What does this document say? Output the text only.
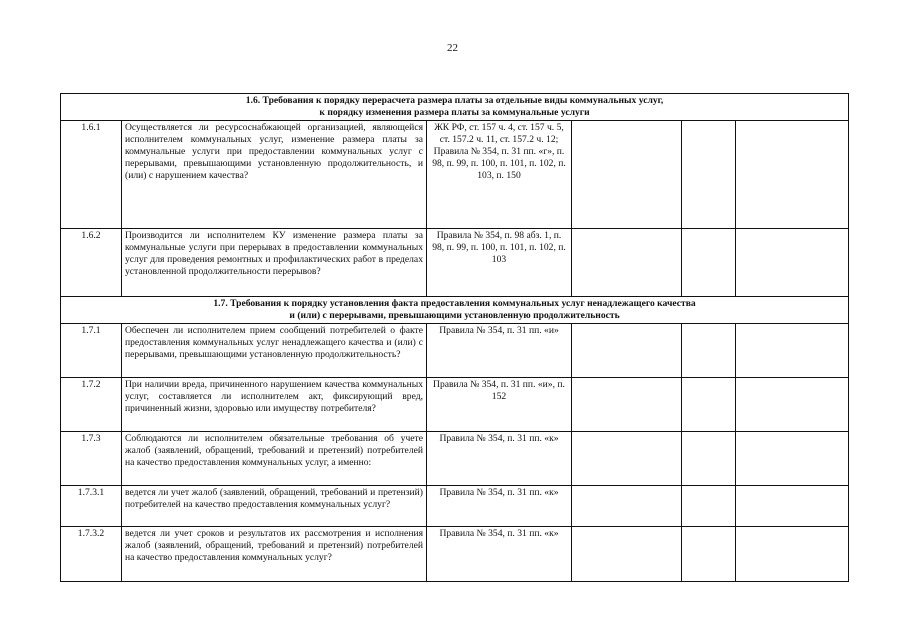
22
1.6. Требования к порядку перерасчета размера платы за отдельные виды коммунальных услуг,
к порядку изменения размера платы за коммунальные услуги					

1.6.1	Осуществляется ли ресурсоснабжающей организацией, являющейся исполнителем коммунальных услуг, изменение размера платы за коммунальные услуги при предоставлении коммунальных услуг с перерывами, превышающими установленную продолжительность, и (или) с нарушением качества?	ЖК РФ, ст. 157 ч. 4, ст. 157 ч. 5, ст. 157.2 ч. 11, ст. 157.2 ч. 12; Правила № 354, п. 31 пп. «г», п. 98, п. 99, п. 100, п. 101, п. 102, п. 103, п. 150			
1.6.2	Производится ли исполнителем КУ изменение размера платы за коммунальные услуги при перерывах в предоставлении коммунальных услуг для проведения ремонтных и профилактических работ в пределах установленной продолжительности перерывов?	Правила № 354, п. 98 абз. 1, п. 98, п. 99, п. 100, п. 101, п. 102, п. 103			

1.7. Требования к порядку установления факта предоставления коммунальных услуг ненадлежащего качества
и (или) с перерывами, превышающими установленную продолжительность					

1.7.1	Обеспечен ли исполнителем прием сообщений потребителей о факте предоставления коммунальных услуг ненадлежащего качества и (или) с перерывами, превышающими установленную продолжительность?	Правила № 354, п. 31 пп. «и»			
1.7.2	При наличии вреда, причиненного нарушением качества коммунальных услуг, составляется ли исполнителем акт, фиксирующий вред, причиненный жизни, здоровью или имуществу потребителя?	Правила № 354, п. 31 пп. «и», п. 152			
1.7.3	Соблюдаются ли исполнителем обязательные требования об учете жалоб (заявлений, обращений, требований и претензий) потребителей на качество предоставления коммунальных услуг, а именно:	Правила № 354, п. 31 пп. «к»			
1.7.3.1	ведется ли учет жалоб (заявлений, обращений, требований и претензий) потребителей на качество предоставления коммунальных услуг?	Правила № 354, п. 31 пп. «к»			
1.7.3.2	ведется ли учет сроков и результатов их рассмотрения и исполнения жалоб (заявлений, обращений, требований и претензий) потребителей на качество предоставления коммунальных услуг?	Правила № 354, п. 31 пп. «к»			
